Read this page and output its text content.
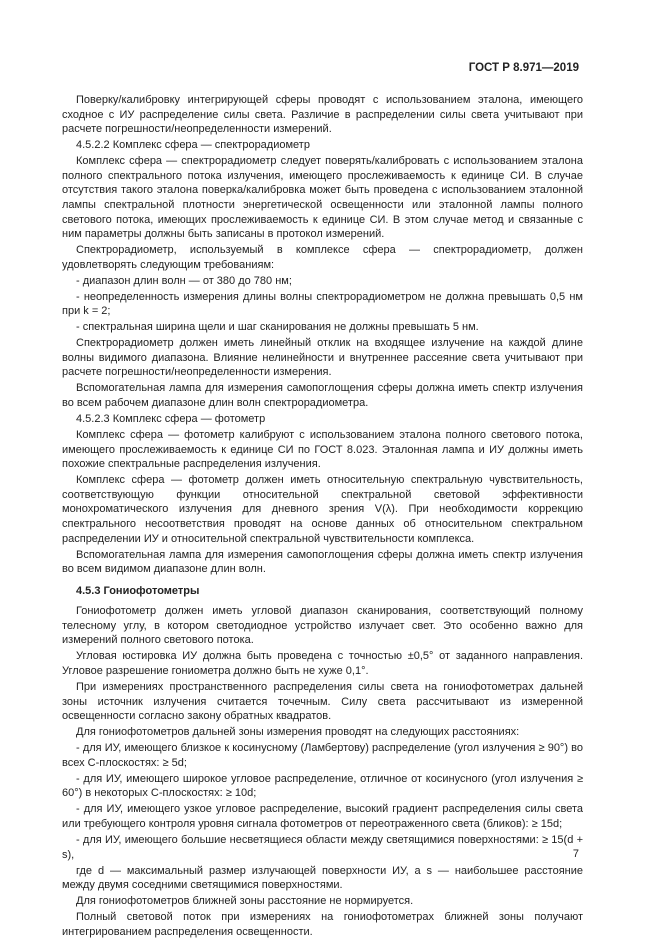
ГОСТ Р 8.971—2019

Поверку/калибровку интегрирующей сферы проводят с использованием эталона, имеющего сходное с ИУ распределение силы света. Различие в распределении силы света учитывают при расчете погрешности/неопределенности измерений.

4.5.2.2 Комплекс сфера — спектрорадиометр

Комплекс сфера — спектрорадиометр следует поверять/калибровать с использованием эталона полного спектрального потока излучения, имеющего прослеживаемость к единице СИ. В случае отсутствия такого эталона поверка/калибровка может быть проведена с использованием эталонной лампы спектральной плотности энергетической освещенности или эталонной лампы полного светового потока, имеющих прослеживаемость к единице СИ. В этом случае метод и связанные с ним параметры должны быть записаны в протокол измерений.

Спектрорадиометр, используемый в комплексе сфера — спектрорадиометр, должен удовлетворять следующим требованиям:

- диапазон длин волн — от 380 до 780 нм;

- неопределенность измерения длины волны спектрорадиометром не должна превышать 0,5 нм при k = 2;

- спектральная ширина щели и шаг сканирования не должны превышать 5 нм.

Спектрорадиометр должен иметь линейный отклик на входящее излучение на каждой длине волны видимого диапазона. Влияние нелинейности и внутреннее рассеяние света учитывают при расчете погрешности/неопределенности измерения.

Вспомогательная лампа для измерения самопоглощения сферы должна иметь спектр излучения во всем рабочем диапазоне длин волн спектрорадиометра.

4.5.2.3 Комплекс сфера — фотометр

Комплекс сфера — фотометр калибруют с использованием эталона полного светового потока, имеющего прослеживаемость к единице СИ по ГОСТ 8.023. Эталонная лампа и ИУ должны иметь похожие спектральные распределения излучения.

Комплекс сфера — фотометр должен иметь относительную спектральную чувствительность, соответствующую функции относительной спектральной световой эффективности монохроматического излучения для дневного зрения V(λ). При необходимости коррекцию спектрального несоответствия проводят на основе данных об относительном спектральном распределении ИУ и относительной спектральной чувствительности комплекса.

Вспомогательная лампа для измерения самопоглощения сферы должна иметь спектр излучения во всем видимом диапазоне длин волн.

4.5.3 Гониофотометры

Гониофотометр должен иметь угловой диапазон сканирования, соответствующий полному телесному углу, в котором светодиодное устройство излучает свет. Это особенно важно для измерений полного светового потока.

Угловая юстировка ИУ должна быть проведена с точностью ±0,5° от заданного направления. Угловое разрешение гониометра должно быть не хуже 0,1°.

При измерениях пространственного распределения силы света на гониофотометрах дальней зоны источник излучения считается точечным. Силу света рассчитывают из измеренной освещенности согласно закону обратных квадратов.

Для гониофотометров дальней зоны измерения проводят на следующих расстояниях:

- для ИУ, имеющего близкое к косинусному (Ламбертову) распределение (угол излучения ≥ 90°) во всех С-плоскостях: ≥ 5d;

- для ИУ, имеющего широкое угловое распределение, отличное от косинусного (угол излучения ≥ 60°) в некоторых С-плоскостях: ≥ 10d;

- для ИУ, имеющего узкое угловое распределение, высокий градиент распределения силы света или требующего контроля уровня сигнала фотометров от переотраженного света (бликов): ≥ 15d;

- для ИУ, имеющего большие несветящиеся области между светящимися поверхностями: ≥ 15(d + s),

где d — максимальный размер излучающей поверхности ИУ, а s — наибольшее расстояние между двумя соседними светящимися поверхностями.

Для гониофотометров ближней зоны расстояние не нормируется.

Полный световой поток при измерениях на гониофотометрах ближней зоны получают интегрированием распределения освещенности.

7
